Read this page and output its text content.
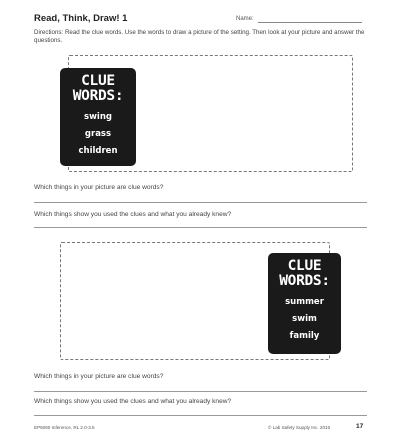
Read, Think, Draw! 1	Name:
Directions: Read the clue words. Use the words to draw a picture of the setting. Then look at your picture and answer the questions.
CLUE
WORDS:
swing
grass
children
Which things in your picture are clue words?
Which things show you used the clues and what you already knew?
CLUE
WORDS:
summer
swim
family
Which things in your picture are clue words?
Which things show you used the clues and what you already knew?
EP5060 Inference, RL 2.0-3.5	© Lab Safety Supply Inc. 2010	17
